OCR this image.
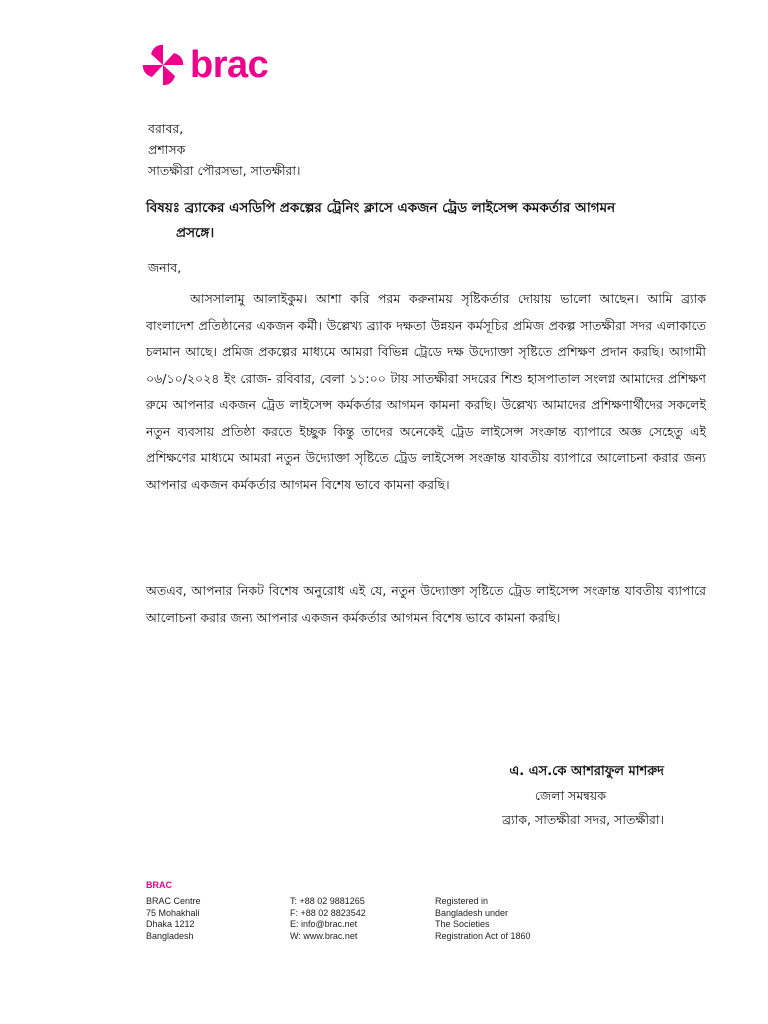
brac
বরাবর,
প্রশাসক
সাতক্ষীরা পৌরসভা, সাতক্ষীরা।
বিষয়ঃ ব্র্যাকের এসডিপি প্রকল্পের ট্রেনিং ক্লাসে একজন ট্রেড লাইসেন্স কমকর্তার আগমন
প্রসঙ্গে।
জনাব,

আসসালামু আলাইকুম। আশা করি পরম করুনাময় সৃষ্টিকর্তার দোয়ায় ভালো আছেন। আমি ব্র্যাক বাংলাদেশ প্রতিষ্ঠানের একজন কর্মী। উল্লেখ্য ব্র্যাক দক্ষতা উন্নয়ন কর্মসূচির প্রমিজ প্রকল্প সাতক্ষীরা সদর এলাকাতে চলমান আছে। প্রমিজ প্রকল্পের মাধ্যমে আমরা বিভিন্ন ট্রেডে দক্ষ উদ্যোক্তা সৃষ্টিতে প্রশিক্ষণ প্রদান করছি। আগামী ০৬/১০/২০২৪ ইং রোজ- রবিবার, বেলা ১১:০০ টায় সাতক্ষীরা সদরের শিশু হাসপাতাল সংলগ্ন আমাদের প্রশিক্ষণ রুমে আপনার একজন ট্রেড লাইসেন্স কর্মকর্তার আগমন কামনা করছি। উল্লেখ্য আমাদের প্রশিক্ষণার্থীদের সকলেই নতুন ব্যবসায় প্রতিষ্ঠা করতে ইচ্ছুক কিন্তু তাদের অনেকেই ট্রেড লাইসেন্স সংক্রান্ত ব্যাপারে অজ্ঞ সেহেতু এই প্রশিক্ষণের মাধ্যমে আমরা নতুন উদ্যোক্তা সৃষ্টিতে ট্রেড লাইসেন্স সংক্রান্ত যাবতীয় ব্যাপারে আলোচনা করার জন্য আপনার একজন কর্মকর্তার আগমন বিশেষ ভাবে কামনা করছি।

অতএব, আপনার নিকট বিশেষ অনুরোধ এই যে, নতুন উদ্যোক্তা সৃষ্টিতে ট্রেড লাইসেন্স সংক্রান্ত যাবতীয় ব্যাপারে আলোচনা করার জন্য আপনার একজন কর্মকর্তার আগমন বিশেষ ভাবে কামনা করছি।

এ. এস.কে আশরাফুল মাশরুদ
জেলা সমন্বয়ক
ব্র্যাক, সাতক্ষীরা সদর, সাতক্ষীরা।
BRAC
BRAC Centre
75 Mohakhali
Dhaka 1212
Bangladesh
T: +88 02 9881265
F: +88 02 8823542
E: info@brac.net
W: www.brac.net
Registered in
Bangladesh under
The Societies
Registration Act of 1860
